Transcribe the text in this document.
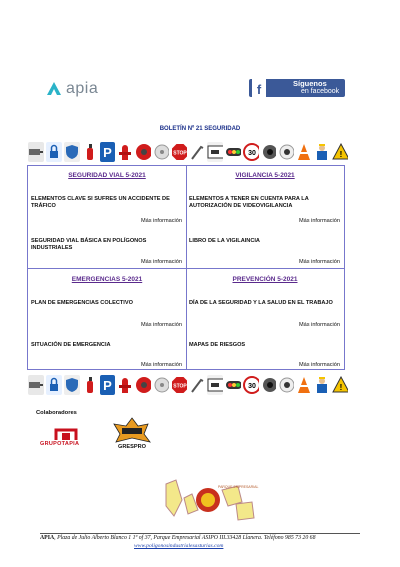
apia	f	Síguenos
en facebook
BOLETÍN Nº 21 SEGURIDAD
P	STOP	30	!
SEGURIDAD VIAL 5-2021
ELEMENTOS CLAVE SI SUFRES UN ACCIDENTE DE TRÁFICO
Más información
SEGURIDAD VIAL BÁSICA EN POLÍGONOS INDUSTRIALES
Más información
VIGILANCIA 5-2021
ELEMENTOS A TENER EN CUENTA PARA LA AUTORIZACIÓN DE VIDEOVIGILANCIA
Más información
LIBRO DE LA VIGILAINCIA
Más información
EMERGENCIAS 5-2021
PLAN DE EMERGENCIAS COLECTIVO
Más información
SITUACIÓN DE EMERGENCIA
Más información
PREVENCIÓN 5-2021
DÍA DE LA SEGURIDAD Y LA SALUD EN EL TRABAJO
Más información
MAPAS DE RIESGOS
Más información
P	STOP	30	!
Colaboradores
GRUPOTAPIA	GRESPRO
PARQUE EMPRESARIAL
APIA, Plaza de Julio Alberto Blanco 1 1º of 37, Parque Empresarial ASIPO III.33428 Llanera. Teléfono 985 73 20 68
www.poligonosindustrialesasturias.com
